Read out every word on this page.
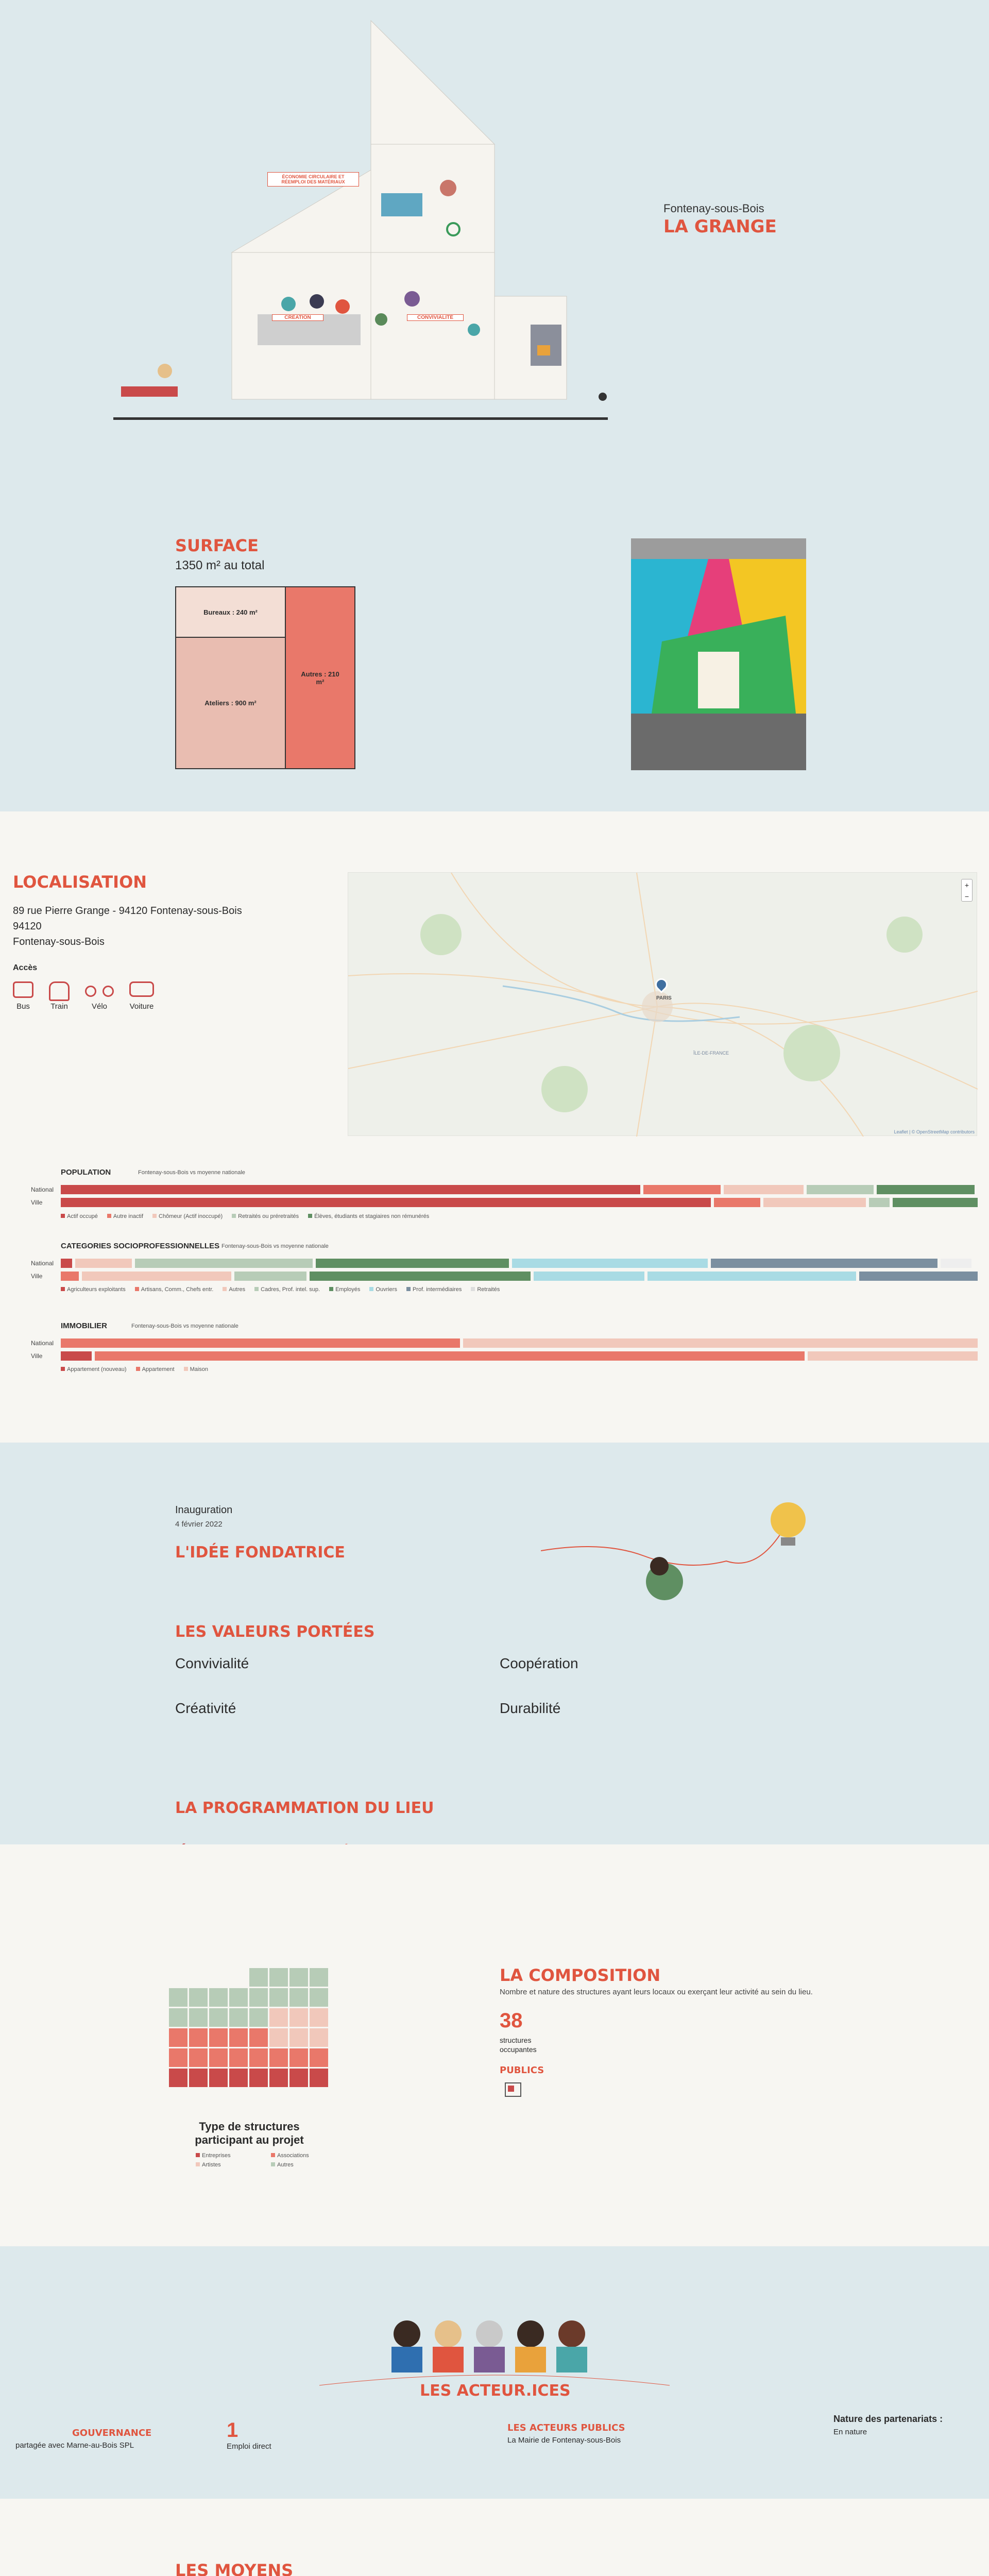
ÉCONOMIE CIRCULAIRE ET RÉEMPLOI DES MATÉRIAUX
CRÉATION	CONVIVIALITÉ
Fontenay-sous-Bois
LA GRANGE
SURFACE
1350 m² au total
Bureaux : 240 m²
Ateliers : 900 m²
Autres : 210 m²
LOCALISATION
89 rue Pierre Grange - 94120 Fontenay-sous-Bois
94120
Fontenay-sous-Bois
Accès
Bus	Train	Vélo	Voiture
PARIS
ÎLE-DE-FRANCE
+
−
Leaflet | © OpenStreetMap contributors
POPULATION	Fontenay-sous-Bois vs moyenne nationale
National
Ville
Actif occupé	Autre inactif	Chômeur (Actif inoccupé)	Retraités ou préretraités	Élèves, étudiants et stagiaires non rémunérés
CATEGORIES SOCIOPROFESSIONNELLES Fontenay-sous-Bois vs moyenne nationale
National
Ville
Agriculteurs exploitants	Artisans, Comm., Chefs entr.	Autres	Cadres, Prof. intel. sup.	Employés	Ouvriers	Prof. intermédiaires	Retraités
IMMOBILIER	Fontenay-sous-Bois vs moyenne nationale
National
Ville
Appartement (nouveau)	Appartement	Maison
Inauguration
4 février 2022
L'IDÉE FONDATRICE
LES VALEURS PORTÉES
Convivialité	Coopération
Créativité	Durabilité
LA PROGRAMMATION DU LIEU
Type de structures participant au projet
Entreprises	Associations
Artistes	Autres
LA COMPOSITION
Nombre et nature des structures ayant leurs locaux ou exerçant leur activité au sein du lieu.
38
structures
occupantes
PUBLICS
LES ACTEUR.ICES
GOUVERNANCE
partagée avec Marne-au-Bois SPL
1
Emploi direct
LES ACTEURS PUBLICS
La Mairie de Fontenay-sous-Bois
Nature des partenariats :
En nature
LES MOYENS
